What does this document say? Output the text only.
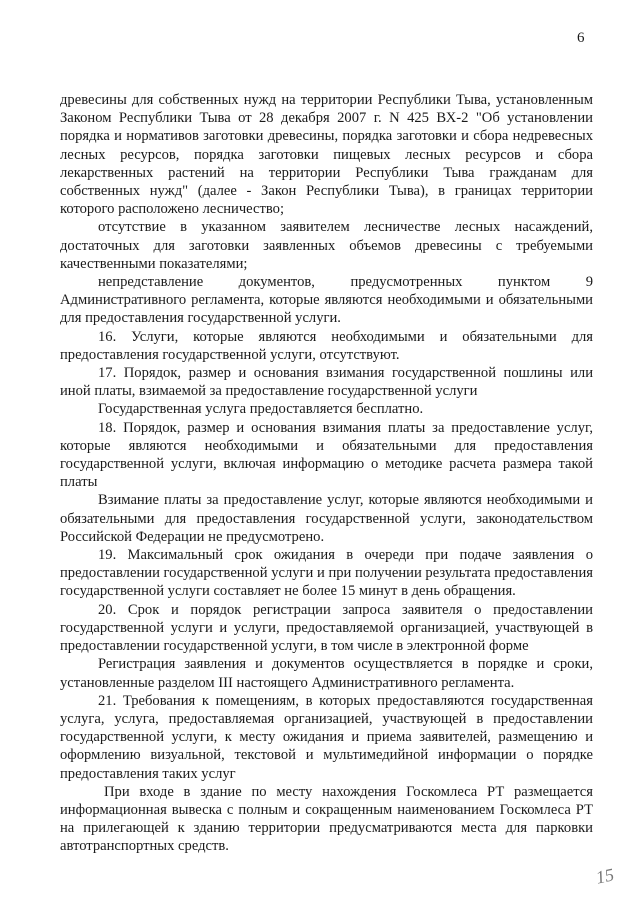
6

древесины для собственных нужд на территории Республики Тыва, установленным Законом Республики Тыва от 28 декабря 2007 г. N 425 ВХ-2 "Об установлении порядка и нормативов заготовки древесины, порядка заготовки и сбора недревесных лесных ресурсов, порядка заготовки пищевых лесных ресурсов и сбора лекарственных растений на территории Республики Тыва гражданам для собственных нужд" (далее - Закон Республики Тыва), в границах территории которого расположено лесничество;

отсутствие в указанном заявителем лесничестве лесных насаждений, достаточных для заготовки заявленных объемов древесины с требуемыми качественными показателями;

непредставление документов, предусмотренных пунктом 9 Административного регламента, которые являются необходимыми и обязательными для предоставления государственной услуги.

16. Услуги, которые являются необходимыми и обязательными для предоставления государственной услуги, отсутствуют.

17. Порядок, размер и основания взимания государственной пошлины или иной платы, взимаемой за предоставление государственной услуги

Государственная услуга предоставляется бесплатно.

18. Порядок, размер и основания взимания платы за предоставление услуг, которые являются необходимыми и обязательными для предоставления государственной услуги, включая информацию о методике расчета размера такой платы

Взимание платы за предоставление услуг, которые являются необходимыми и обязательными для предоставления государственной услуги, законодательством Российской Федерации не предусмотрено.

19. Максимальный срок ожидания в очереди при подаче заявления о предоставлении государственной услуги и при получении результата предоставления государственной услуги составляет не более 15 минут в день обращения.

20. Срок и порядок регистрации запроса заявителя о предоставлении государственной услуги и услуги, предоставляемой организацией, участвующей в предоставлении государственной услуги, в том числе в электронной форме

Регистрация заявления и документов осуществляется в порядке и сроки, установленные разделом III настоящего Административного регламента.

21. Требования к помещениям, в которых предоставляются государственная услуга, услуга, предоставляемая организацией, участвующей в предоставлении государственной услуги, к месту ожидания и приема заявителей, размещению и оформлению визуальной, текстовой и мультимедийной информации о порядке предоставления таких услуг

При входе в здание по месту нахождения Госкомлеса РТ размещается информационная вывеска с полным и сокращенным наименованием Госкомлеса РТ на прилегающей к зданию территории предусматриваются места для парковки автотранспортных средств.

15
